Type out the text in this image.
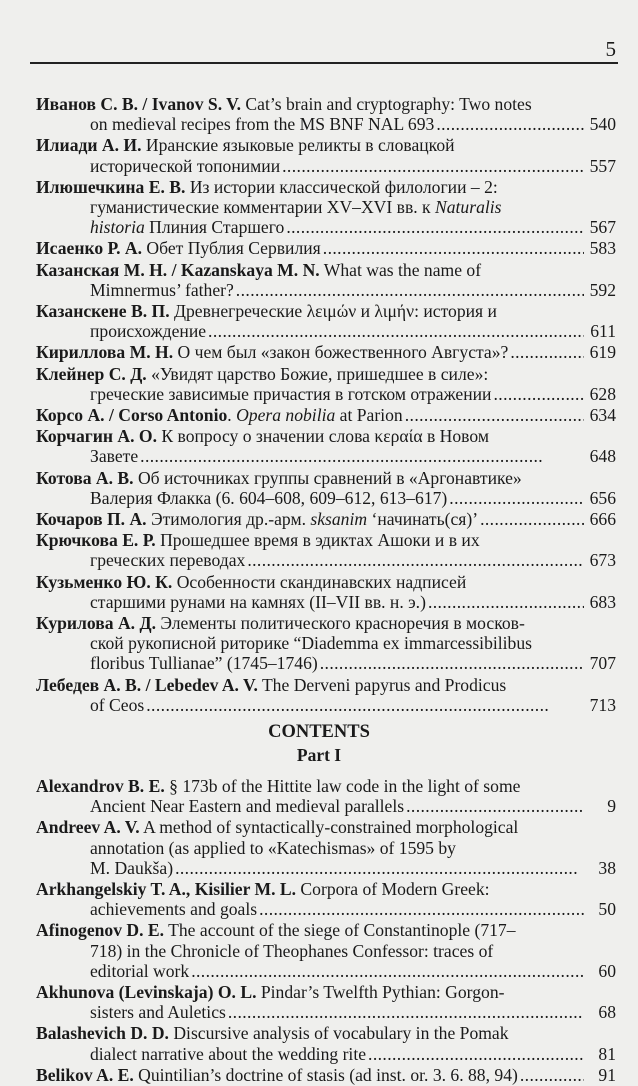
5
Иванов С. В. / Ivanov S. V. Cat’s brain and cryptography: Two notes
on medieval recipes from the MS BNF NAL 693 . . .	540
Илиади А. И. Иранские языковые реликты в словацкой
исторической топонимии . . .	557
Илюшечкина Е. В. Из истории классической филологии – 2:
гуманистические комментарии XV–XVI вв. к Naturalis
historia Плиния Старшего . . .	567
Исаенко Р. А. Обет Публия Сервилия . . .	583
Казанская М. Н. / Kazanskaya M. N. What was the name of
Mimnermus’ father? . . .	592
Казанскене В. П. Древнегреческие λειμών и λιμήν: история и
происхождение . . .	611
Кириллова М. Н. О чем был «закон божественного Августа»? . . .	619
Клейнер С. Д. «Увидят царство Божие, пришедшее в силе»:
греческие зависимые причастия в готском отражении . . .	628
Корсо А. / Corso Antonio. Opera nobilia at Parion . . .	634
Корчагин А. О. К вопросу о значении слова κεραία в Новом
Завете . . .	648
Котова А. В. Об источниках группы сравнений в «Аргонавтике»
Валерия Флакка (6. 604–608, 609–612, 613–617) . . .	656
Кочаров П. А. Этимология др.-арм. sksanim ‘начинать(ся)’ . . .	666
Крючкова Е. Р. Прошедшее время в эдиктах Ашоки и в их
греческих переводах . . .	673
Кузьменко Ю. К. Особенности скандинавских надписей
старшими рунами на камнях (II–VII вв. н. э.) . . .	683
Курилова А. Д. Элементы политического красноречия в москов-
ской рукописной риторике “Diademma ex immarcessibilibus
floribus Tullianae” (1745–1746) . . .	707
Лебедев А. В. / Lebedev A. V. The Derveni papyrus and Prodicus
of Ceos . . .	713
CONTENTS
Part I
Alexandrov B. E. § 173b of the Hittite law code in the light of some
Ancient Near Eastern and medieval parallels . . .	9
Andreev A. V. A method of syntactically-constrained morphological
annotation (as applied to «Katechismas» of 1595 by
M. Daukša) . . .	38
Arkhangelskiy T. A., Kisilier M. L. Corpora of Modern Greek:
achievements and goals . . .	50
Afinogenov D. E. The account of the siege of Constantinople (717–
718) in the Chronicle of Theophanes Confessor: traces of
editorial work . . .	60
Akhunova (Levinskaja) O. L. Pindar’s Twelfth Pythian: Gorgon-
sisters and Auletics . . .	68
Balashevich D. D. Discursive analysis of vocabulary in the Pomak
dialect narrative about the wedding rite . . .	81
Belikov A. E. Quintilian’s doctrine of stasis (ad inst. or. 3. 6. 88, 94) . . .	91
